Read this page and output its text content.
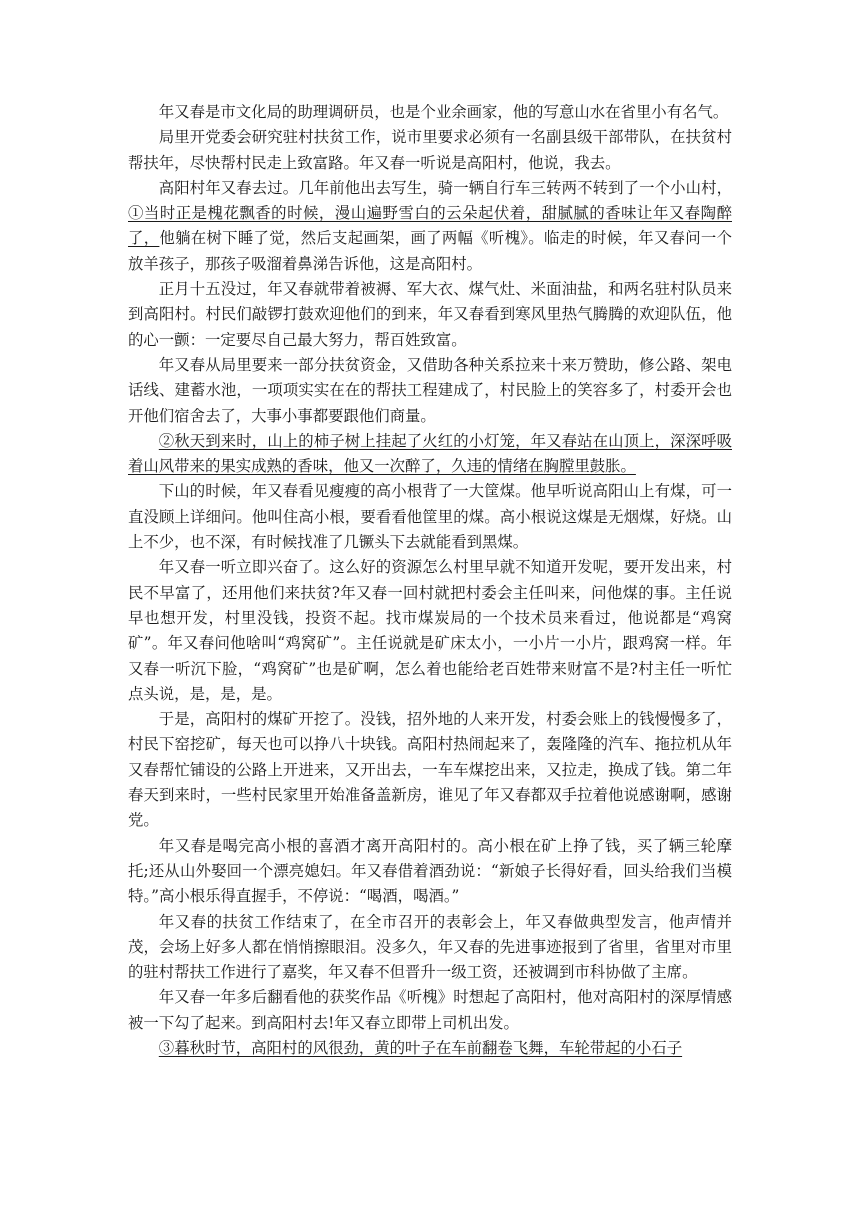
年又春是市文化局的助理调研员，也是个业余画家，他的写意山水在省里小有名气。

局里开党委会研究驻村扶贫工作，说市里要求必须有一名副县级干部带队，在扶贫村帮扶年，尽快帮村民走上致富路。年又春一听说是高阳村，他说，我去。

高阳村年又春去过。几年前他出去写生，骑一辆自行车三转两不转到了一个小山村，①当时正是槐花飘香的时候，漫山遍野雪白的云朵起伏着，甜腻腻的香味让年又春陶醉了，他躺在树下睡了觉，然后支起画架，画了两幅《听槐》。临走的时候，年又春问一个放羊孩子，那孩子吸溜着鼻涕告诉他，这是高阳村。

正月十五没过，年又春就带着被褥、军大衣、煤气灶、米面油盐，和两名驻村队员来到高阳村。村民们敲锣打鼓欢迎他们的到来，年又春看到寒风里热气腾腾的欢迎队伍，他的心一颤：一定要尽自己最大努力，帮百姓致富。

年又春从局里要来一部分扶贫资金，又借助各种关系拉来十来万赞助，修公路、架电话线、建蓄水池，一项项实实在在的帮扶工程建成了，村民脸上的笑容多了，村委开会也开他们宿舍去了，大事小事都要跟他们商量。

②秋天到来时，山上的柿子树上挂起了火红的小灯笼，年又春站在山顶上，深深呼吸着山风带来的果实成熟的香味，他又一次醉了，久违的情绪在胸膛里鼓胀。

下山的时候，年又春看见瘦瘦的高小根背了一大筐煤。他早听说高阳山上有煤，可一直没顾上详细问。他叫住高小根，要看看他筐里的煤。高小根说这煤是无烟煤，好烧。山上不少，也不深，有时候找准了几镢头下去就能看到黑煤。

年又春一听立即兴奋了。这么好的资源怎么村里早就不知道开发呢，要开发出来，村民不早富了，还用他们来扶贫?年又春一回村就把村委会主任叫来，问他煤的事。主任说早也想开发，村里没钱，投资不起。找市煤炭局的一个技术员来看过，他说都是“鸡窝矿”。年又春问他啥叫“鸡窝矿”。主任说就是矿床太小，一小片一小片，跟鸡窝一样。年又春一听沉下脸，“鸡窝矿”也是矿啊，怎么着也能给老百姓带来财富不是?村主任一听忙点头说，是，是，是。

于是，高阳村的煤矿开挖了。没钱，招外地的人来开发，村委会账上的钱慢慢多了，村民下窑挖矿，每天也可以挣八十块钱。高阳村热闹起来了，轰隆隆的汽车、拖拉机从年又春帮忙铺设的公路上开进来，又开出去，一车车煤挖出来，又拉走，换成了钱。第二年春天到来时，一些村民家里开始准备盖新房，谁见了年又春都双手拉着他说感谢啊，感谢党。

年又春是喝完高小根的喜酒才离开高阳村的。高小根在矿上挣了钱，买了辆三轮摩托;还从山外娶回一个漂亮媳妇。年又春借着酒劲说：“新娘子长得好看，回头给我们当模特。”高小根乐得直握手，不停说：“喝酒，喝酒。”

年又春的扶贫工作结束了，在全市召开的表彰会上，年又春做典型发言，他声情并茂，会场上好多人都在悄悄擦眼泪。没多久，年又春的先进事迹报到了省里，省里对市里的驻村帮扶工作进行了嘉奖，年又春不但晋升一级工资，还被调到市科协做了主席。

年又春一年多后翻看他的获奖作品《听槐》时想起了高阳村，他对高阳村的深厚情感被一下勾了起来。到高阳村去!年又春立即带上司机出发。

③暮秋时节，高阳村的风很劲，黄的叶子在车前翻卷飞舞，车轮带起的小石子
